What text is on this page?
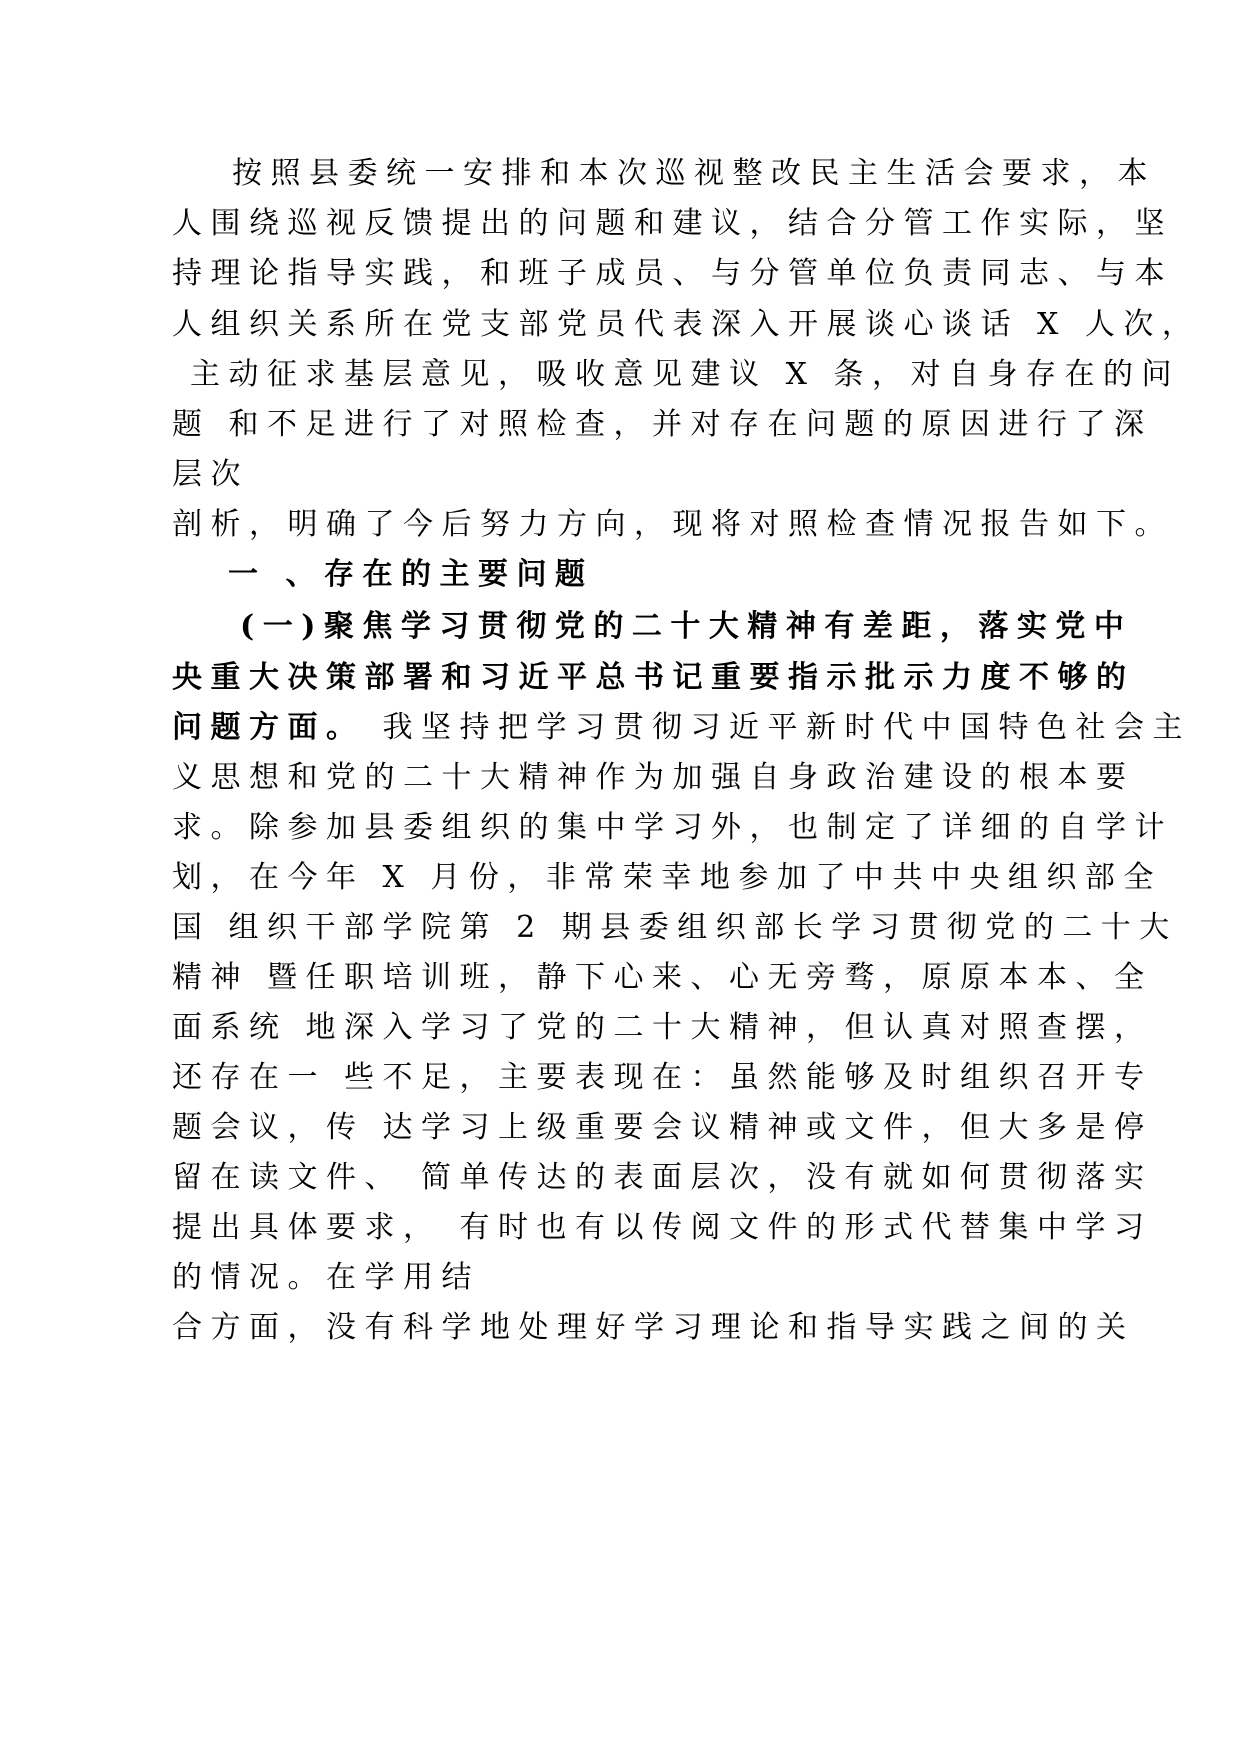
按照县委统一安排和本次巡视整改民主生活会要求，本
人围绕巡视反馈提出的问题和建议，结合分管工作实际，坚
持理论指导实践，和班子成员、与分管单位负责同志、与本
人组织关系所在党支部党员代表深入开展谈心谈话 X 人次，
主动征求基层意见，吸收意见建议 X 条，对自身存在的问
题 和不足进行了对照检查，并对存在问题的原因进行了深
层次
剖析，明确了今后努力方向，现将对照检查情况报告如下。
一 、存在的主要问题
(一)聚焦学习贯彻党的二十大精神有差距，落实党中
央重大决策部署和习近平总书记重要指示批示力度不够的
问题方面。 我坚持把学习贯彻习近平新时代中国特色社会主
义思想和党的二十大精神作为加强自身政治建设的根本要
求。除参加县委组织的集中学习外，也制定了详细的自学计
划，在今年 X 月份，非常荣幸地参加了中共中央组织部全
国 组织干部学院第 2 期县委组织部长学习贯彻党的二十大
精神 暨任职培训班，静下心来、心无旁骛，原原本本、全
面系统 地深入学习了党的二十大精神，但认真对照查摆，
还存在一 些不足，主要表现在：虽然能够及时组织召开专
题会议，传 达学习上级重要会议精神或文件，但大多是停
留在读文件、 简单传达的表面层次，没有就如何贯彻落实
提出具体要求， 有时也有以传阅文件的形式代替集中学习
的情况。在学用结
合方面，没有科学地处理好学习理论和指导实践之间的关
